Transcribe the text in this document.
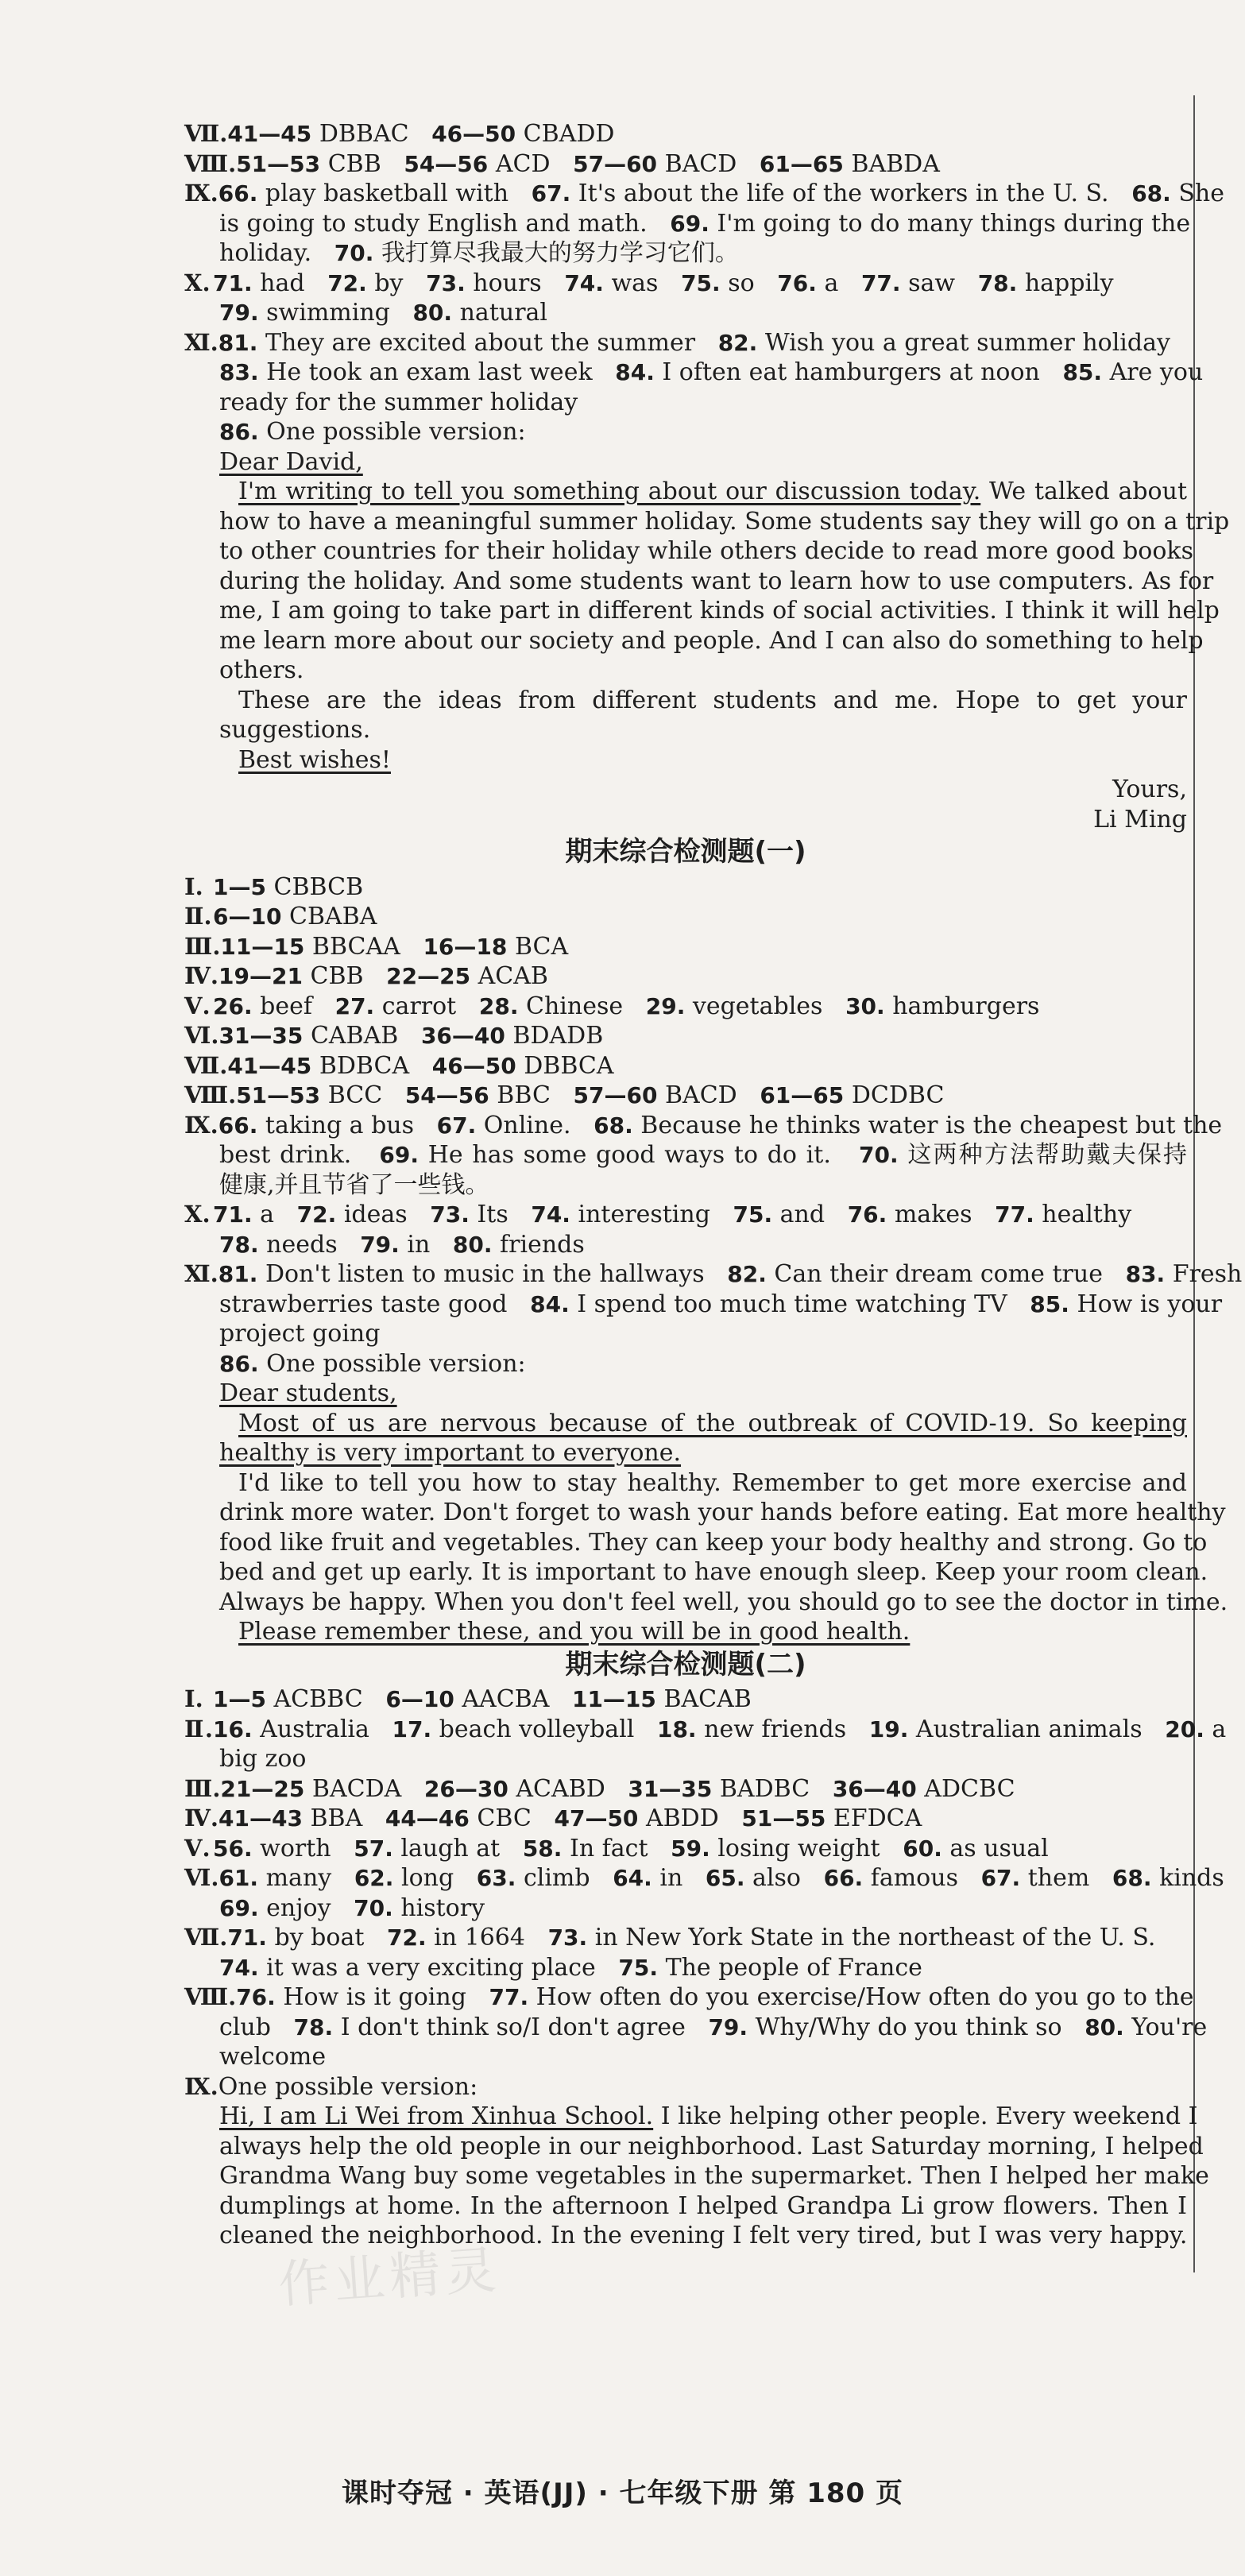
Ⅶ.41—45 DBBAC 46—50 CBADD
Ⅷ.51—53 CBB 54—56 ACD 57—60 BACD 61—65 BABDA
Ⅸ.66. play basketball with 67. It's about the life of the workers in the U. S. 68. She
is going to study English and math. 69. I'm going to do many things during the
holiday. 70. 我打算尽我最大的努力学习它们。
Ⅹ. 71. had 72. by 73. hours 74. was 75. so 76. a 77. saw 78. happily
79. swimming 80. natural
Ⅺ.81. They are excited about the summer 82. Wish you a great summer holiday
83. He took an exam last week 84. I often eat hamburgers at noon 85. Are you
ready for the summer holiday
86. One possible version:
Dear David,
I'm writing to tell you something about our discussion today. We talked about
how to have a meaningful summer holiday. Some students say they will go on a trip
to other countries for their holiday while others decide to read more good books
during the holiday. And some students want to learn how to use computers. As for
me, I am going to take part in different kinds of social activities. I think it will help
me learn more about our society and people. And I can also do something to help
others.
These are the ideas from different students and me. Hope to get your
suggestions.
Best wishes!
Yours,
Li Ming
期末综合检测题(一)
Ⅰ. 1—5 CBBCB
Ⅱ.6—10 CBABA
Ⅲ.11—15 BBCAA 16—18 BCA
Ⅳ.19—21 CBB 22—25 ACAB
Ⅴ. 26. beef 27. carrot 28. Chinese 29. vegetables 30. hamburgers
Ⅵ.31—35 CABAB 36—40 BDADB
Ⅶ.41—45 BDBCA 46—50 DBBCA
Ⅷ.51—53 BCC 54—56 BBC 57—60 BACD 61—65 DCDBC
Ⅸ.66. taking a bus 67. Online. 68. Because he thinks water is the cheapest but the
best drink. 69. He has some good ways to do it. 70. 这两种方法帮助戴夫保持
健康,并且节省了一些钱。
Ⅹ. 71. a 72. ideas 73. Its 74. interesting 75. and 76. makes 77. healthy
78. needs 79. in 80. friends
Ⅺ.81. Don't listen to music in the hallways 82. Can their dream come true 83. Fresh
strawberries taste good 84. I spend too much time watching TV 85. How is your
project going
86. One possible version:
Dear students,
Most of us are nervous because of the outbreak of COVID-19. So keeping
healthy is very important to everyone.
I'd like to tell you how to stay healthy. Remember to get more exercise and
drink more water. Don't forget to wash your hands before eating. Eat more healthy
food like fruit and vegetables. They can keep your body healthy and strong. Go to
bed and get up early. It is important to have enough sleep. Keep your room clean.
Always be happy. When you don't feel well, you should go to see the doctor in time.
Please remember these, and you will be in good health.
期末综合检测题(二)
Ⅰ. 1—5 ACBBC 6—10 AACBA 11—15 BACAB
Ⅱ.16. Australia 17. beach volleyball 18. new friends 19. Australian animals 20. a
big zoo
Ⅲ.21—25 BACDA 26—30 ACABD 31—35 BADBC 36—40 ADCBC
Ⅳ.41—43 BBA 44—46 CBC 47—50 ABDD 51—55 EFDCA
Ⅴ. 56. worth 57. laugh at 58. In fact 59. losing weight 60. as usual
Ⅵ.61. many 62. long 63. climb 64. in 65. also 66. famous 67. them 68. kinds
69. enjoy 70. history
Ⅶ.71. by boat 72. in 1664 73. in New York State in the northeast of the U. S.
74. it was a very exciting place 75. The people of France
Ⅷ.76. How is it going 77. How often do you exercise/How often do you go to the
club 78. I don't think so/I don't agree 79. Why/Why do you think so 80. You're
welcome
Ⅸ.One possible version:
Hi, I am Li Wei from Xinhua School. I like helping other people. Every weekend I
always help the old people in our neighborhood. Last Saturday morning, I helped
Grandma Wang buy some vegetables in the supermarket. Then I helped her make
dumplings at home. In the afternoon I helped Grandpa Li grow flowers. Then I
cleaned the neighborhood. In the evening I felt very tired, but I was very happy.
作业精灵
课时夺冠 · 英语(JJ) · 七年级下册 第 180 页
